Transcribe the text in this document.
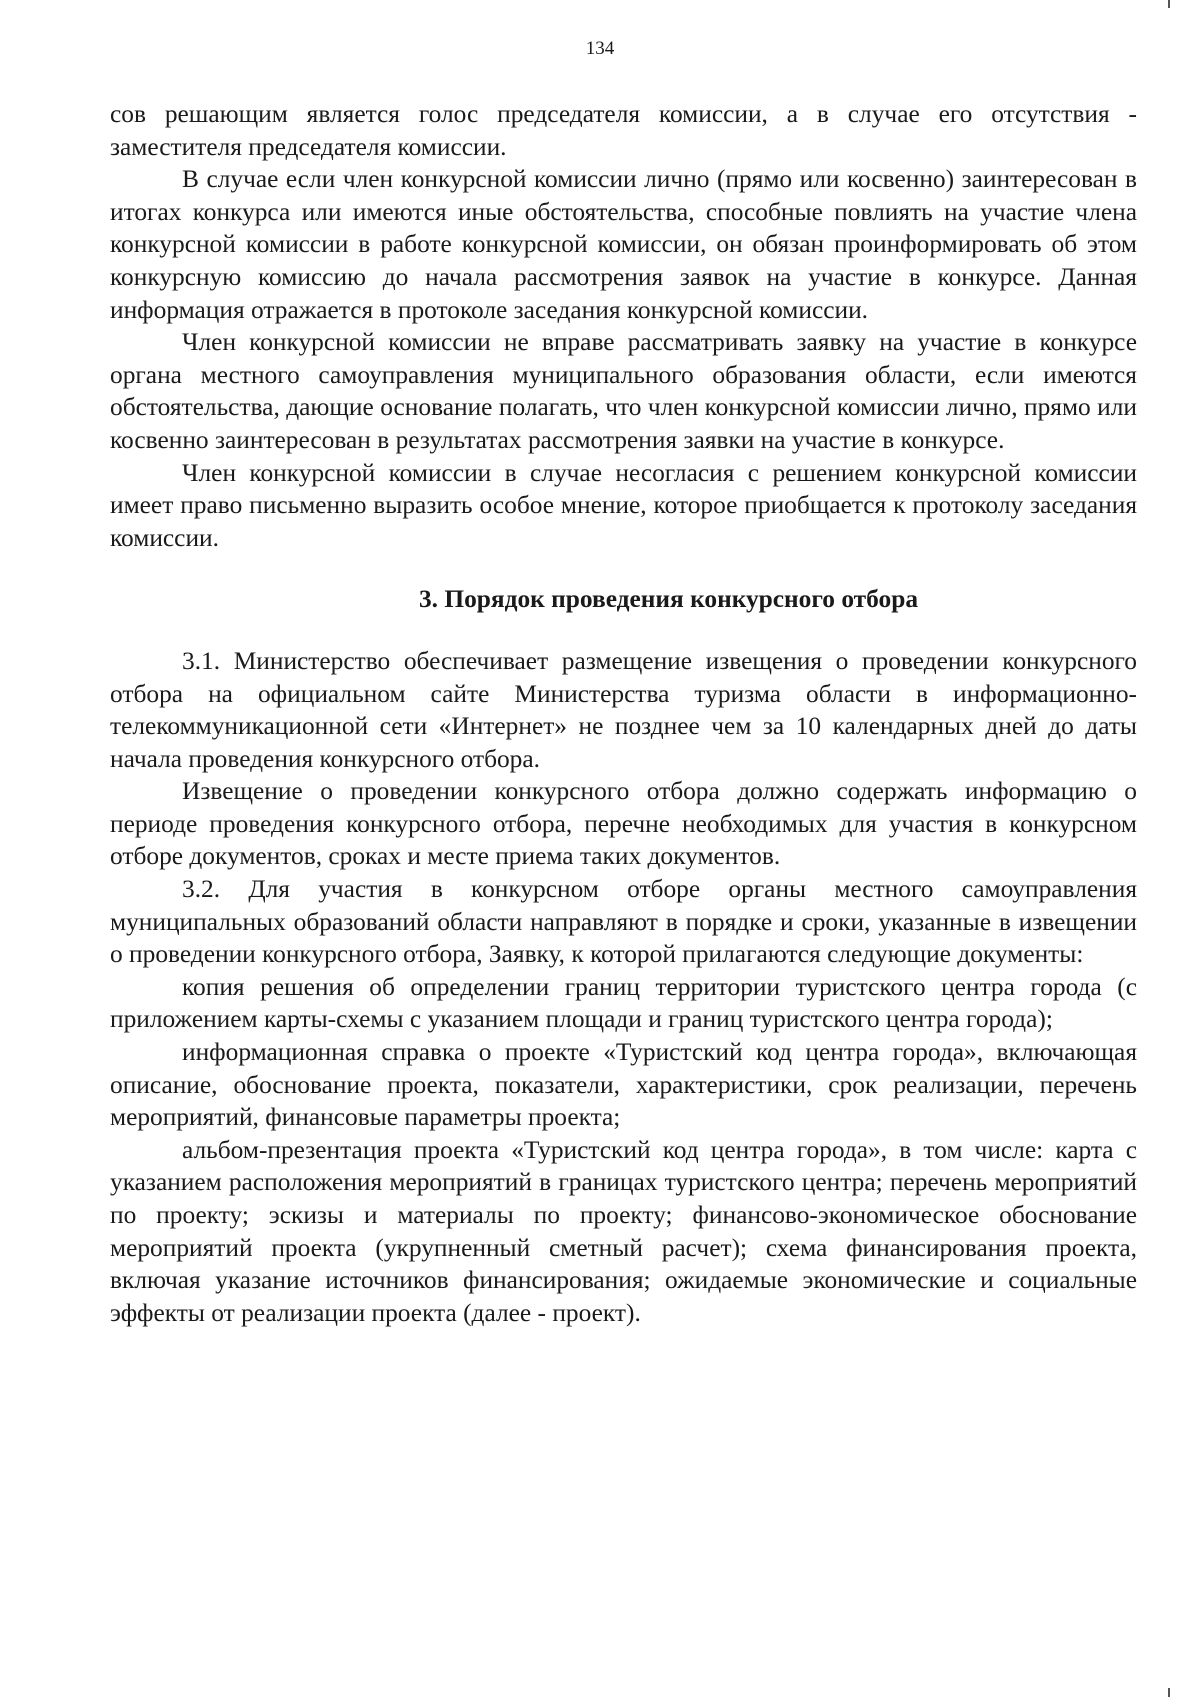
134

сов решающим является голос председателя комиссии, а в случае его отсутствия - заместителя председателя комиссии.

В случае если член конкурсной комиссии лично (прямо или косвенно) заинтересован в итогах конкурса или имеются иные обстоятельства, способные повлиять на участие члена конкурсной комиссии в работе конкурсной комиссии, он обязан проинформировать об этом конкурсную комиссию до начала рассмотрения заявок на участие в конкурсе. Данная информация отражается в протоколе заседания конкурсной комиссии.

Член конкурсной комиссии не вправе рассматривать заявку на участие в конкурсе органа местного самоуправления муниципального образования области, если имеются обстоятельства, дающие основание полагать, что член конкурсной комиссии лично, прямо или косвенно заинтересован в результатах рассмотрения заявки на участие в конкурсе.

Член конкурсной комиссии в случае несогласия с решением конкурсной комиссии имеет право письменно выразить особое мнение, которое приобщается к протоколу заседания комиссии.

3. Порядок проведения конкурсного отбора

3.1. Министерство обеспечивает размещение извещения о проведении конкурсного отбора на официальном сайте Министерства туризма области в информационно-телекоммуникационной сети «Интернет» не позднее чем за 10 календарных дней до даты начала проведения конкурсного отбора.

Извещение о проведении конкурсного отбора должно содержать информацию о периоде проведения конкурсного отбора, перечне необходимых для участия в конкурсном отборе документов, сроках и месте приема таких документов.

3.2. Для участия в конкурсном отборе органы местного самоуправления муниципальных образований области направляют в порядке и сроки, указанные в извещении о проведении конкурсного отбора, Заявку, к которой прилагаются следующие документы:

копия решения об определении границ территории туристского центра города (с приложением карты-схемы с указанием площади и границ туристского центра города);

информационная справка о проекте «Туристский код центра города», включающая описание, обоснование проекта, показатели, характеристики, срок реализации, перечень мероприятий, финансовые параметры проекта;

альбом-презентация проекта «Туристский код центра города», в том числе: карта с указанием расположения мероприятий в границах туристского центра; перечень мероприятий по проекту; эскизы и материалы по проекту; финансово-экономическое обоснование мероприятий проекта (укрупненный сметный расчет); схема финансирования проекта, включая указание источников финансирования; ожидаемые экономические и социальные эффекты от реализации проекта (далее - проект).
